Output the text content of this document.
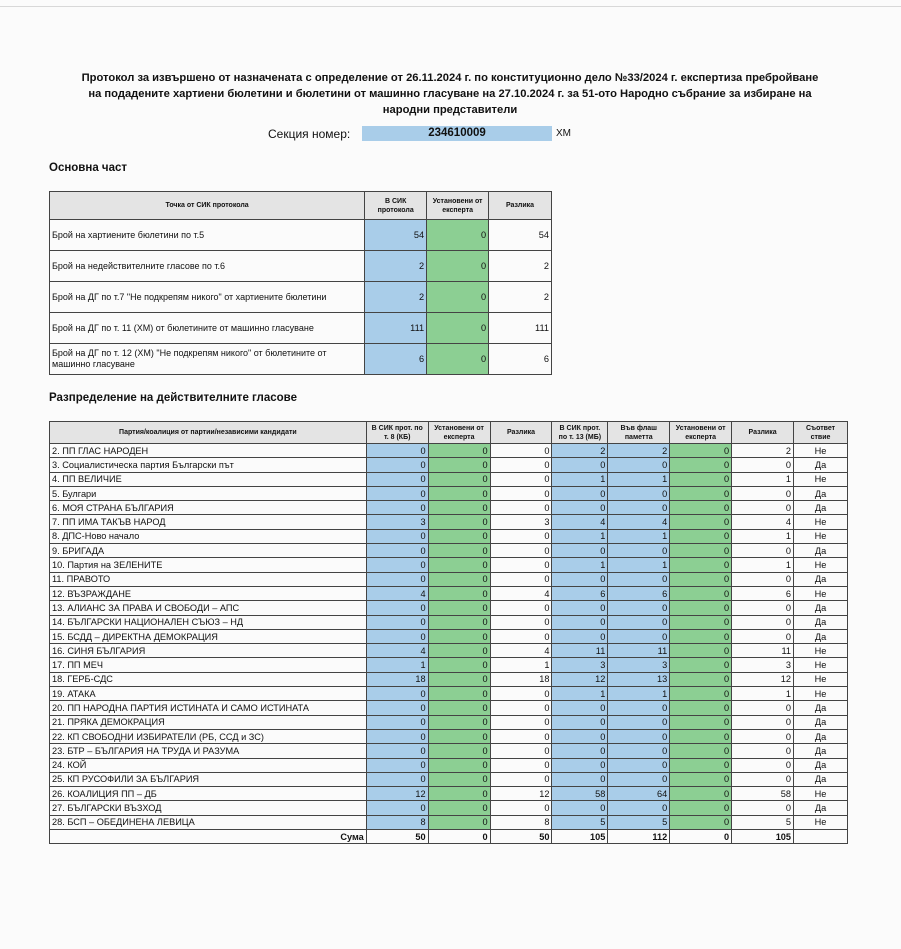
Протокол за извършено от назначената с определение от 26.11.2024 г. по конституционно дело №33/2024 г. експертиза пребройване
на подадените хартиени бюлетини и бюлетини от машинно гласуване на 27.10.2024 г. за 51-ото Народно събрание за избиране на
народни представители
Секция номер:	234610009	ХМ
Основна част
Точка от СИК протокола	В СИК протокола	Установени от експерта	Разлика
Брой на хартиените бюлетини по т.5	54	0	54
Брой на недействителните гласове по т.6	2	0	2
Брой на ДГ по т.7 "Не подкрепям никого" от хартиените бюлетини	2	0	2
Брой на ДГ по т. 11 (ХМ) от бюлетините от машинно гласуване	111	0	111
Брой на ДГ по т. 12 (ХМ) "Не подкрепям никого" от бюлетините от машинно гласуване	6	0	6
Разпределение на действителните гласове
Партия/коалиция от партии/независими кандидати	В СИК прот. по т. 8 (КБ)	Установени от експерта	Разлика	В СИК прот. по т. 13 (МБ)	Във флаш паметта	Установени от експерта	Разлика	Съответ ствие
2. ПП ГЛАС НАРОДЕН	0	0	0	2	2	0	2	Не
3. Социалистическа партия Български път	0	0	0	0	0	0	0	Да
4. ПП ВЕЛИЧИЕ	0	0	0	1	1	0	1	Не
5. Булгари	0	0	0	0	0	0	0	Да
6. МОЯ СТРАНА БЪЛГАРИЯ	0	0	0	0	0	0	0	Да
7. ПП ИМА ТАКЪВ НАРОД	3	0	3	4	4	0	4	Не
8. ДПС-Ново начало	0	0	0	1	1	0	1	Не
9. БРИГАДА	0	0	0	0	0	0	0	Да
10. Партия на ЗЕЛЕНИТЕ	0	0	0	1	1	0	1	Не
11. ПРАВОТО	0	0	0	0	0	0	0	Да
12. ВЪЗРАЖДАНЕ	4	0	4	6	6	0	6	Не
13. АЛИАНС ЗА ПРАВА И СВОБОДИ – АПС	0	0	0	0	0	0	0	Да
14. БЪЛГАРСКИ НАЦИОНАЛЕН СЪЮЗ – НД	0	0	0	0	0	0	0	Да
15. БСДД – ДИРЕКТНА ДЕМОКРАЦИЯ	0	0	0	0	0	0	0	Да
16. СИНЯ БЪЛГАРИЯ	4	0	4	11	11	0	11	Не
17. ПП МЕЧ	1	0	1	3	3	0	3	Не
18. ГЕРБ-СДС	18	0	18	12	13	0	12	Не
19. АТАКА	0	0	0	1	1	0	1	Не
20. ПП НАРОДНА ПАРТИЯ ИСТИНАТА И САМО ИСТИНАТА	0	0	0	0	0	0	0	Да
21. ПРЯКА ДЕМОКРАЦИЯ	0	0	0	0	0	0	0	Да
22. КП СВОБОДНИ ИЗБИРАТЕЛИ (РБ, ССД и ЗС)	0	0	0	0	0	0	0	Да
23. БТР – БЪЛГАРИЯ НА ТРУДА И РАЗУМА	0	0	0	0	0	0	0	Да
24. КОЙ	0	0	0	0	0	0	0	Да
25. КП РУСОФИЛИ ЗА БЪЛГАРИЯ	0	0	0	0	0	0	0	Да
26. КОАЛИЦИЯ ПП – ДБ	12	0	12	58	64	0	58	Не
27. БЪЛГАРСКИ ВЪЗХОД	0	0	0	0	0	0	0	Да
28. БСП – ОБЕДИНЕНА ЛЕВИЦА	8	0	8	5	5	0	5	Не
Сума	50	0	50	105	112	0	105	
